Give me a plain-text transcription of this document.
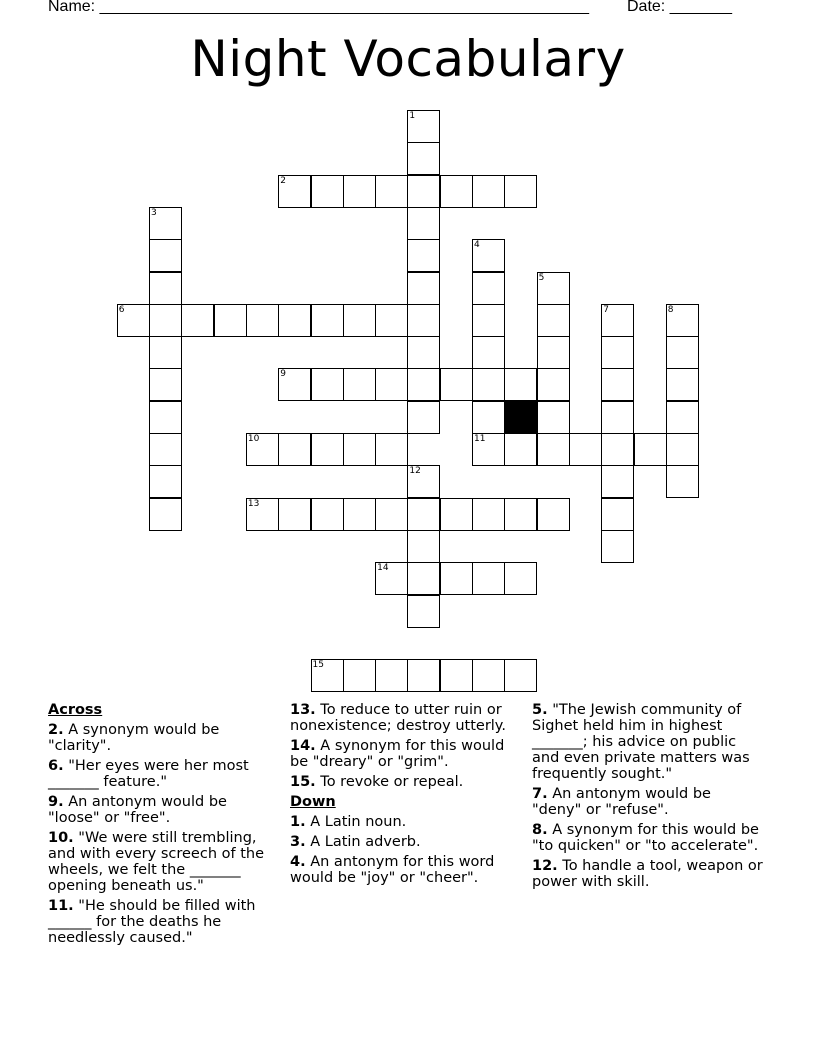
Name: _______________________________________________________ Date: _______
Night Vocabulary
1
2
3
4
5
6	7	8
9
10	11
12
13
14
15
Across
2. A synonym would be "clarity".
6. "Her eyes were her most _______ feature."
9. An antonym would be "loose" or "free".
10. "We were still trembling, and with every screech of the wheels, we felt the _______ opening beneath us."
11. "He should be filled with ______ for the deaths he needlessly caused."
13. To reduce to utter ruin or nonexistence; destroy utterly.
14. A synonym for this would be "dreary" or "grim".
15. To revoke or repeal.
Down
1. A Latin noun.
3. A Latin adverb.
4. An antonym for this word would be "joy" or "cheer".
5. "The Jewish community of Sighet held him in highest _______; his advice on public and even private matters was frequently sought."
7. An antonym would be "deny" or "refuse".
8. A synonym for this would be "to quicken" or "to accelerate".
12. To handle a tool, weapon or power with skill.
